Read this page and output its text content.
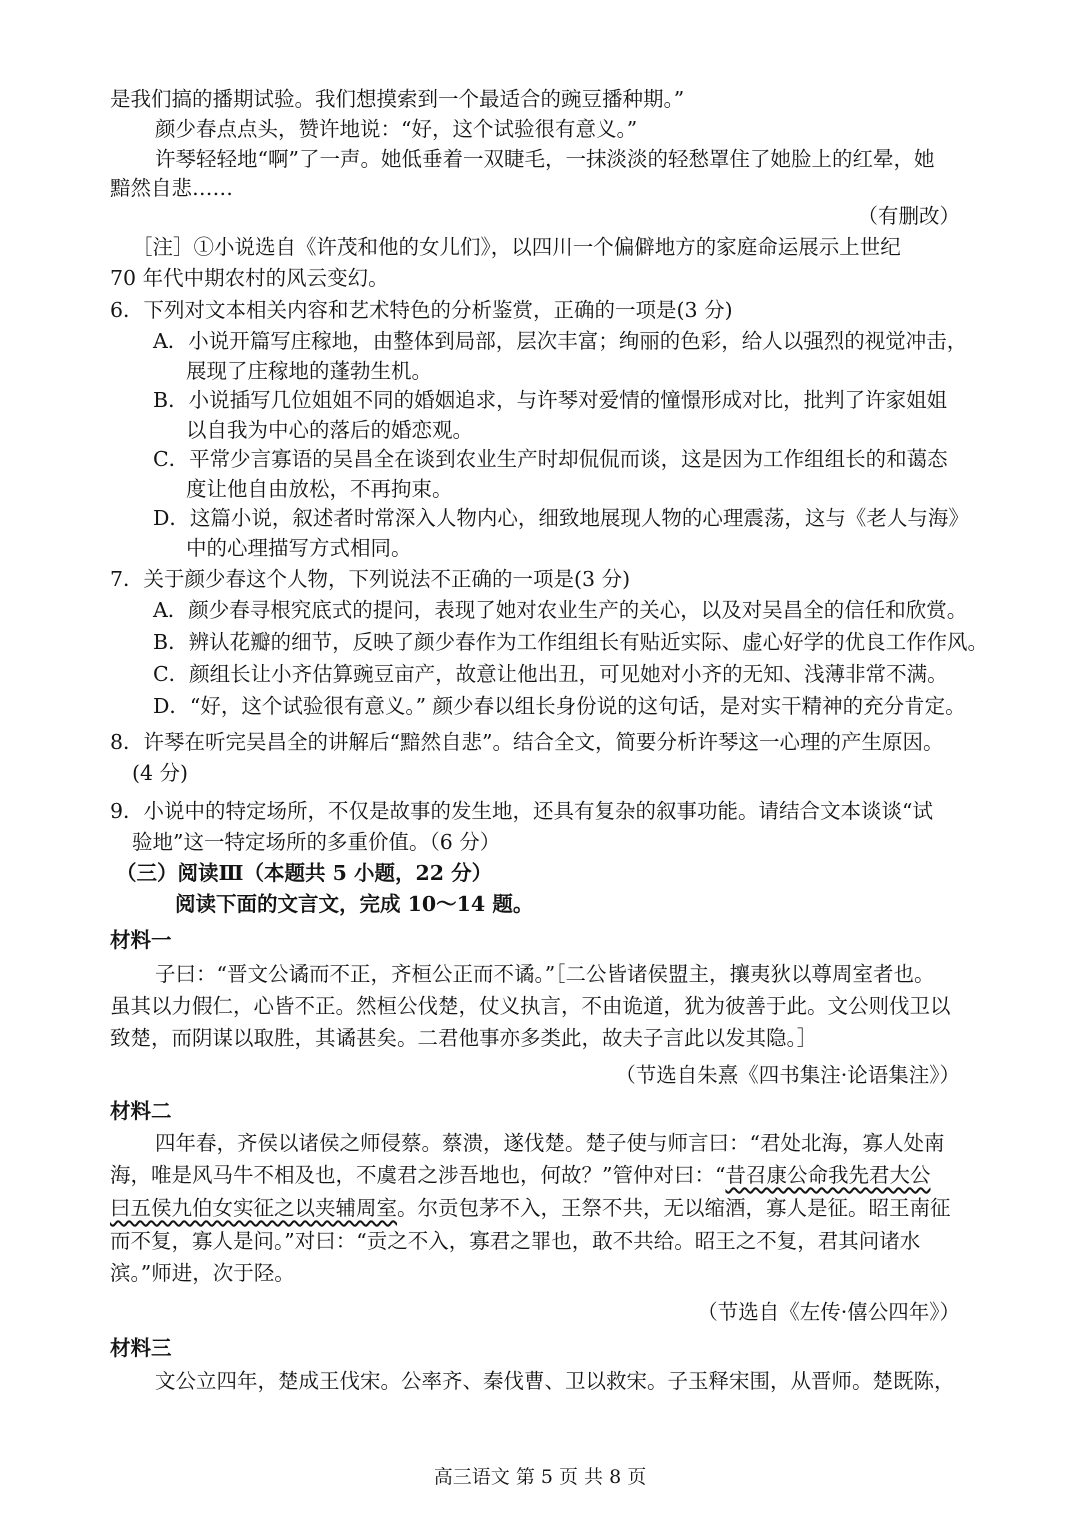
是我们搞的播期试验。我们想摸索到一个最适合的豌豆播种期。”
颜少春点点头，赞许地说：“好，这个试验很有意义。”
许琴轻轻地“啊”了一声。她低垂着一双睫毛，一抹淡淡的轻愁罩住了她脸上的红晕，她
黯然自悲……
（有删改）
［注］①小说选自《许茂和他的女儿们》，以四川一个偏僻地方的家庭命运展示上世纪
70 年代中期农村的风云变幻。
6．下列对文本相关内容和艺术特色的分析鉴赏，正确的一项是(3 分)
A．小说开篇写庄稼地，由整体到局部，层次丰富；绚丽的色彩，给人以强烈的视觉冲击，
展现了庄稼地的蓬勃生机。
B．小说插写几位姐姐不同的婚姻追求，与许琴对爱情的憧憬形成对比，批判了许家姐姐
以自我为中心的落后的婚恋观。
C．平常少言寡语的吴昌全在谈到农业生产时却侃侃而谈，这是因为工作组组长的和蔼态
度让他自由放松，不再拘束。
D．这篇小说，叙述者时常深入人物内心，细致地展现人物的心理震荡，这与《老人与海》
中的心理描写方式相同。
7．关于颜少春这个人物，下列说法不正确的一项是(3 分)
A．颜少春寻根究底式的提问，表现了她对农业生产的关心，以及对吴昌全的信任和欣赏。
B．辨认花瓣的细节，反映了颜少春作为工作组组长有贴近实际、虚心好学的优良工作作风。
C．颜组长让小齐估算豌豆亩产，故意让他出丑，可见她对小齐的无知、浅薄非常不满。
D．“好，这个试验很有意义。” 颜少春以组长身份说的这句话，是对实干精神的充分肯定。
8．许琴在听完吴昌全的讲解后“黯然自悲”。结合全文，简要分析许琴这一心理的产生原因。
(4 分)
9．小说中的特定场所，不仅是故事的发生地，还具有复杂的叙事功能。请结合文本谈谈“试
验地”这一特定场所的多重价值。（6 分）
（三）阅读Ⅲ（本题共 5 小题，22 分）
阅读下面的文言文，完成 10～14 题。
材料一
子曰：“晋文公谲而不正，齐桓公正而不谲。”［二公皆诸侯盟主，攘夷狄以尊周室者也。
虽其以力假仁，心皆不正。然桓公伐楚，仗义执言，不由诡道，犹为彼善于此。文公则伐卫以
致楚，而阴谋以取胜，其谲甚矣。二君他事亦多类此，故夫子言此以发其隐。］
（节选自朱熹《四书集注·论语集注》）
材料二
四年春，齐侯以诸侯之师侵蔡。蔡溃，遂伐楚。楚子使与师言曰：“君处北海，寡人处南
海，唯是风马牛不相及也，不虞君之涉吾地也，何故？”管仲对曰：“昔召康公命我先君大公
曰五侯九伯女实征之以夹辅周室。尔贡包茅不入，王祭不共，无以缩酒，寡人是征。昭王南征
而不复，寡人是问。”对曰：“贡之不入，寡君之罪也，敢不共给。昭王之不复，君其问诸水
滨。”师进，次于陉。
（节选自《左传·僖公四年》）
材料三
文公立四年，楚成王伐宋。公率齐、秦伐曹、卫以救宋。子玉释宋围，从晋师。楚既陈，
高三语文 第 5 页 共 8 页
